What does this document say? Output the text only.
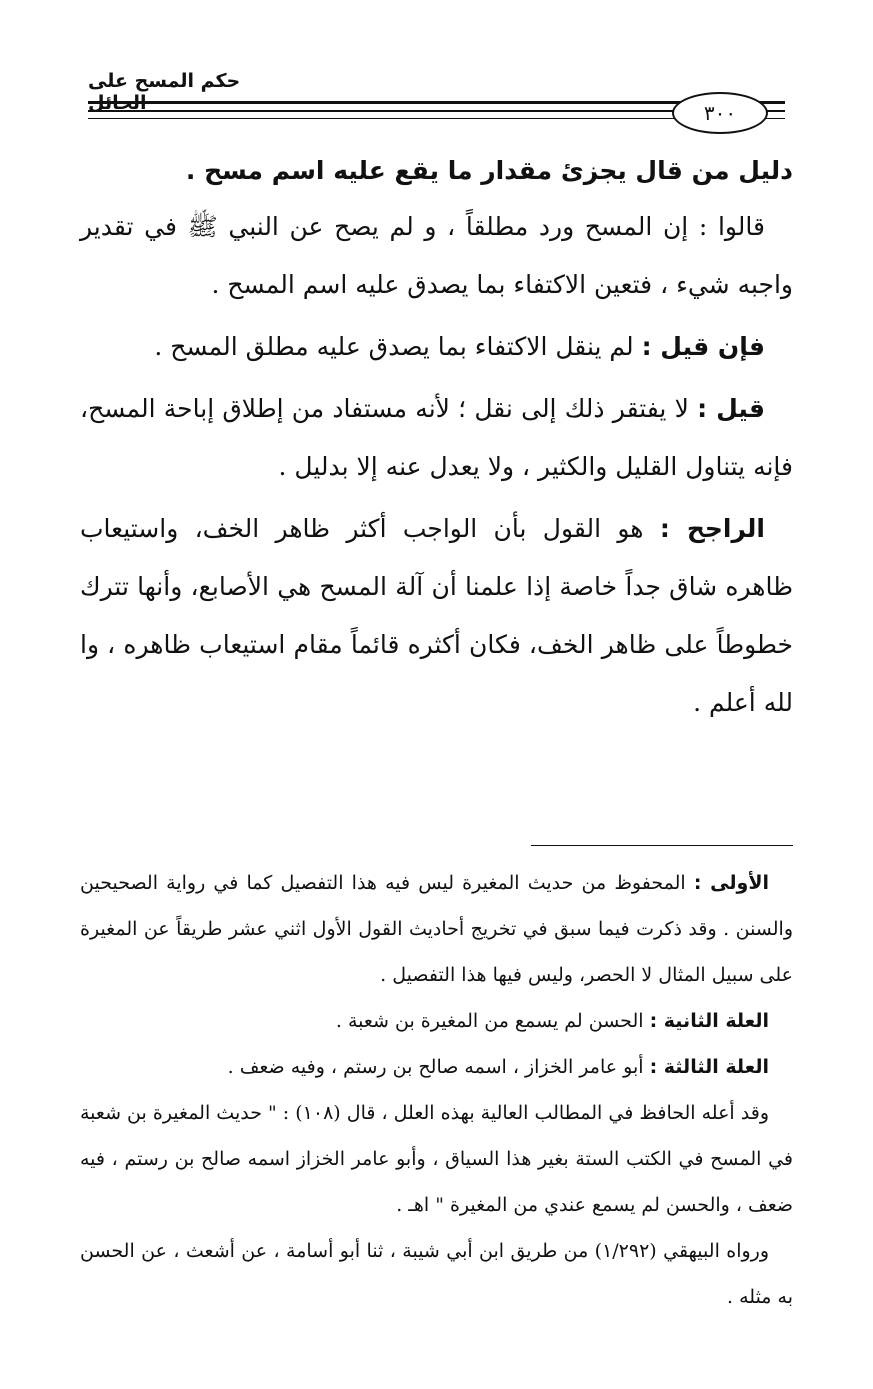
حكم المسح على الحائل	٣٠٠

دليل من قال يجزئ مقدار ما يقع عليه اسم مسح .

قالوا : إن المسح ورد مطلقاً ، و لم يصح عن النبي ﷺ في تقدير واجبه شيء ، فتعين الاكتفاء بما يصدق عليه اسم المسح .

فإن قيل : لم ينقل الاكتفاء بما يصدق عليه مطلق المسح .

قيل : لا يفتقر ذلك إلى نقل ؛ لأنه مستفاد من إطلاق إباحة المسح، فإنه يتناول القليل والكثير ، ولا يعدل عنه إلا بدليل .

الراجح : هو القول بأن الواجب أكثر ظاهر الخف، واستيعاب ظاهره شاق جداً خاصة إذا علمنا أن آلة المسح هي الأصابع، وأنها تترك خطوطاً على ظاهر الخف، فكان أكثره قائماً مقام استيعاب ظاهره ، وا لله أعلم .

الأولى : المحفوظ من حديث المغيرة ليس فيه هذا التفصيل كما في رواية الصحيحين والسنن . وقد ذكرت فيما سبق في تخريج أحاديث القول الأول اثني عشر طريقاً عن المغيرة على سبيل المثال لا الحصر، وليس فيها هذا التفصيل .

العلة الثانية : الحسن لم يسمع من المغيرة بن شعبة .

العلة الثالثة : أبو عامر الخزاز ، اسمه صالح بن رستم ، وفيه ضعف .

وقد أعله الحافظ في المطالب العالية بهذه العلل ، قال (١٠٨) : " حديث المغيرة بن شعبة في المسح في الكتب الستة بغير هذا السياق ، وأبو عامر الخزاز اسمه صالح بن رستم ، فيه ضعف ، والحسن لم يسمع عندي من المغيرة " اهـ .

ورواه البيهقي (١/٢٩٢) من طريق ابن أبي شيبة ، ثنا أبو أسامة ، عن أشعث ، عن الحسن به مثله .
